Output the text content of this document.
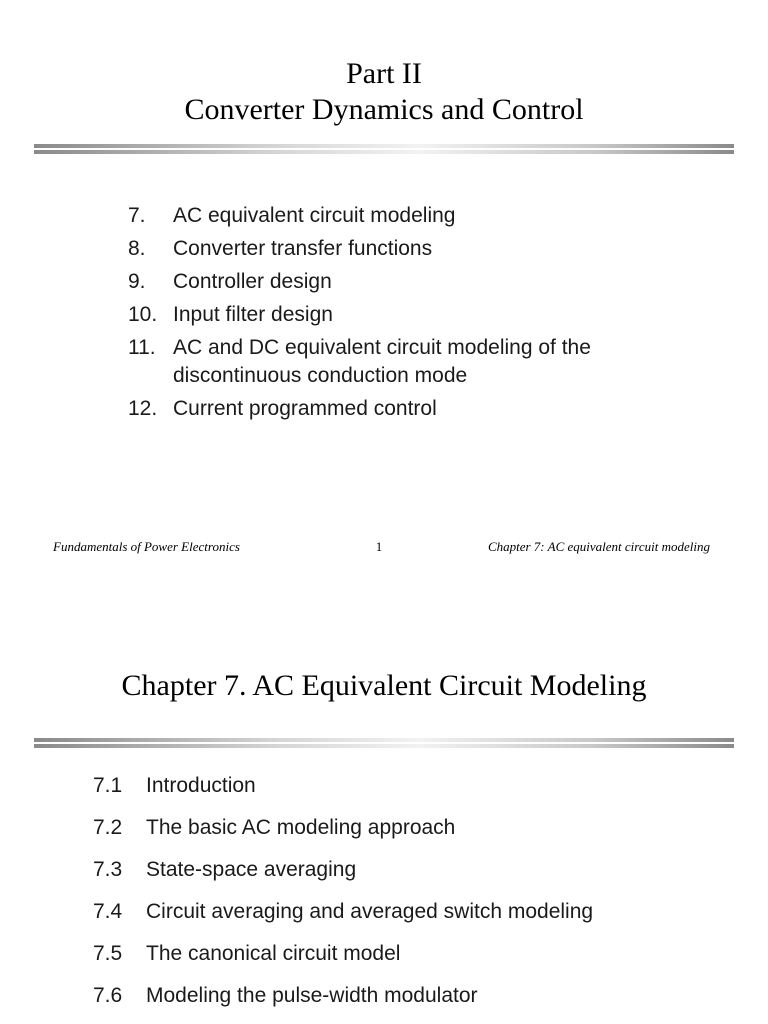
Part II
Converter Dynamics and Control
7. AC equivalent circuit modeling
8. Converter transfer functions
9. Controller design
10. Input filter design
11. AC and DC equivalent circuit modeling of the discontinuous conduction mode
12. Current programmed control
Fundamentals of Power Electronics	1	Chapter 7: AC equivalent circuit modeling
Chapter 7. AC Equivalent Circuit Modeling
7.1 Introduction
7.2 The basic AC modeling approach
7.3 State-space averaging
7.4 Circuit averaging and averaged switch modeling
7.5 The canonical circuit model
7.6 Modeling the pulse-width modulator
